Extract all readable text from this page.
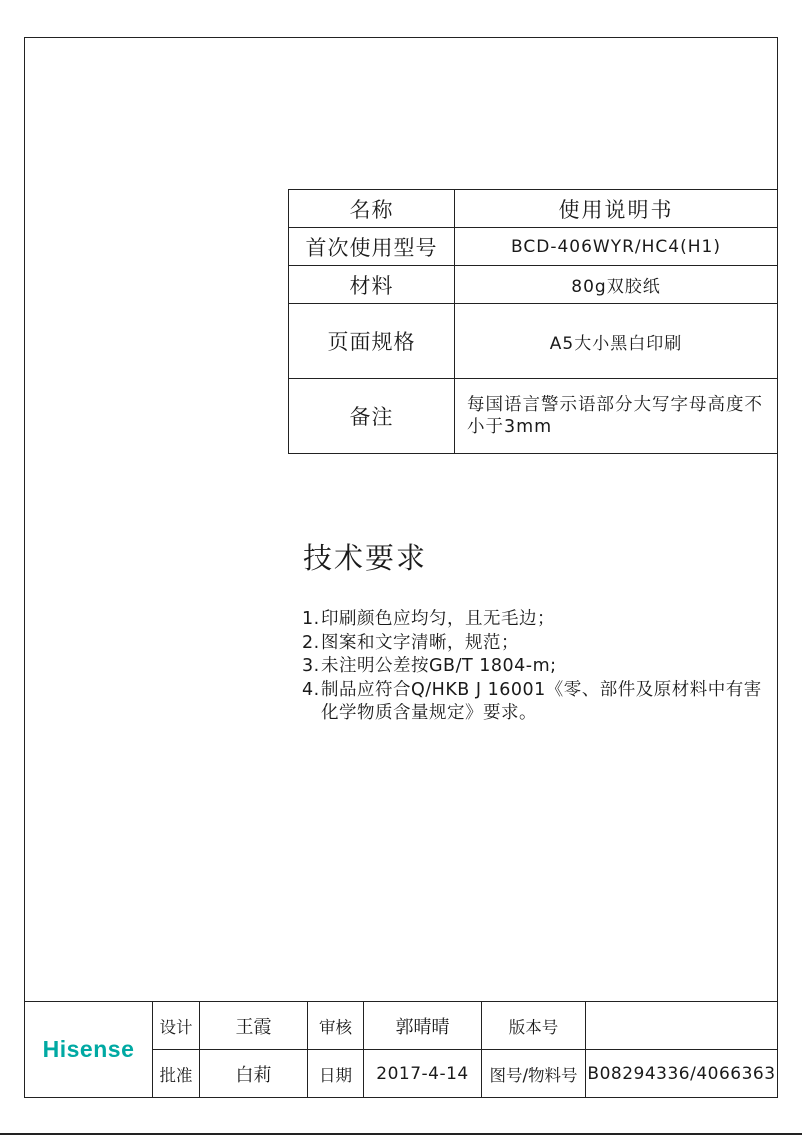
名称	使用说明书
首次使用型号	BCD-406WYR/HC4(H1)
材料	80g双胶纸
页面规格	A5大小黑白印刷
备注	每国语言警示语部分大写字母高度不小于3mm
技术要求
1. 印刷颜色应均匀，且无毛边；
2. 图案和文字清晰，规范；
3. 未注明公差按GB/T 1804-m;
4. 制品应符合Q/HKB J 16001《零、部件及原材料中有害化学物质含量规定》要求。
Hisense	设计	王霞	审核	郭晴晴	版本号	
	批准	白莉	日期	2017-4-14	图号/物料号	B08294336/4066363
